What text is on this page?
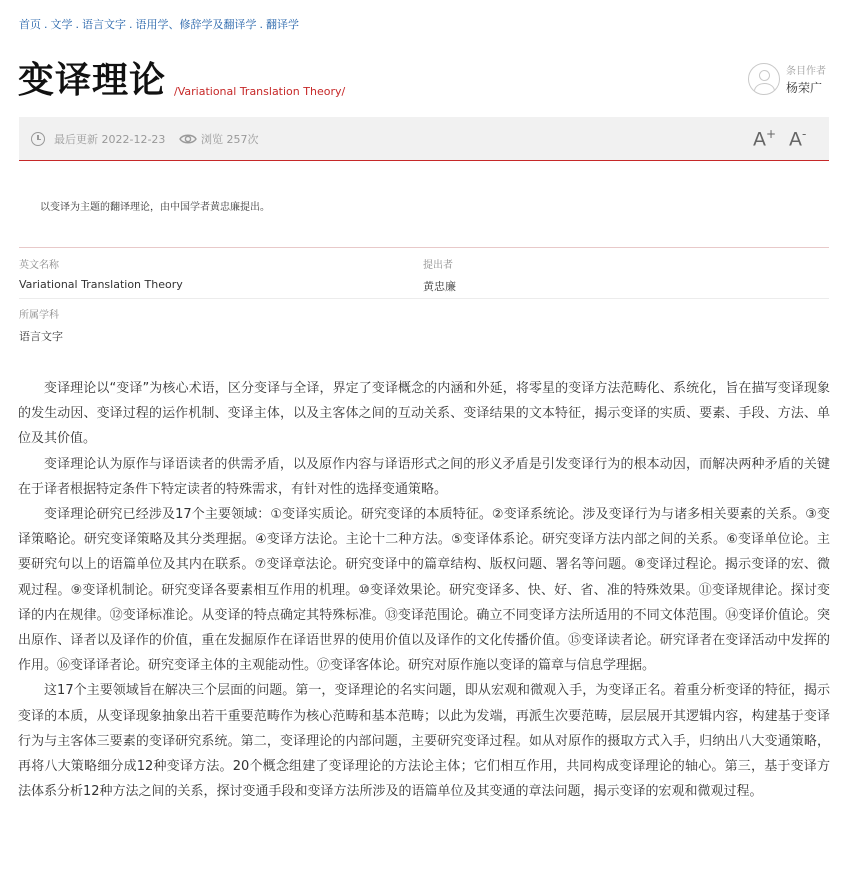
首页 . 文学 . 语言文字 . 语用学、修辞学及翻译学 . 翻译学
变译理论 /Variational Translation Theory/
条目作者
杨荣广
最后更新
2022-12-23	浏览
257次	A+ A-
以变译为主题的翻译理论，由中国学者黄忠廉提出。
英文名称
Variational Translation Theory
提出者
黄忠廉
所属学科
语言文字

变译理论以“变译”为核心术语，区分变译与全译，界定了变译概念的内涵和外延，将零星的变译方法范畴化、系统化，旨在描写变译现象的发生动因、变译过程的运作机制、变译主体，以及主客体之间的互动关系、变译结果的文本特征，揭示变译的实质、要素、手段、方法、单位及其价值。

变译理论认为原作与译语读者的供需矛盾，以及原作内容与译语形式之间的形义矛盾是引发变译行为的根本动因，而解决两种矛盾的关键在于译者根据特定条件下特定读者的特殊需求，有针对性的选择变通策略。

变译理论研究已经涉及17个主要领域：①变译实质论。研究变译的本质特征。②变译系统论。涉及变译行为与诸多相关要素的关系。③变译策略论。研究变译策略及其分类理据。④变译方法论。主论十二种方法。⑤变译体系论。研究变译方法内部之间的关系。⑥变译单位论。主要研究句以上的语篇单位及其内在联系。⑦变译章法论。研究变译中的篇章结构、版权问题、署名等问题。⑧变译过程论。揭示变译的宏、微观过程。⑨变译机制论。研究变译各要素相互作用的机理。⑩变译效果论。研究变译多、快、好、省、准的特殊效果。⑪变译规律论。探讨变译的内在规律。⑫变译标准论。从变译的特点确定其特殊标准。⑬变译范围论。确立不同变译方法所适用的不同文体范围。⑭变译价值论。突出原作、译者以及译作的价值，重在发掘原作在译语世界的使用价值以及译作的文化传播价值。⑮变译读者论。研究译者在变译活动中发挥的作用。⑯变译译者论。研究变译主体的主观能动性。⑰变译客体论。研究对原作施以变译的篇章与信息学理据。

这17个主要领域旨在解决三个层面的问题。第一，变译理论的名实问题，即从宏观和微观入手，为变译正名。着重分析变译的特征，揭示变译的本质，从变译现象抽象出若干重要范畴作为核心范畴和基本范畴；以此为发端，再派生次要范畴，层层展开其逻辑内容，构建基于变译行为与主客体三要素的变译研究系统。第二，变译理论的内部问题，主要研究变译过程。如从对原作的摄取方式入手，归纳出八大变通策略，再将八大策略细分成12种变译方法。20个概念组建了变译理论的方法论主体；它们相互作用，共同构成变译理论的轴心。第三，基于变译方法体系分析12种方法之间的关系，探讨变通手段和变译方法所涉及的语篇单位及其变通的章法问题，揭示变译的宏观和微观过程。
